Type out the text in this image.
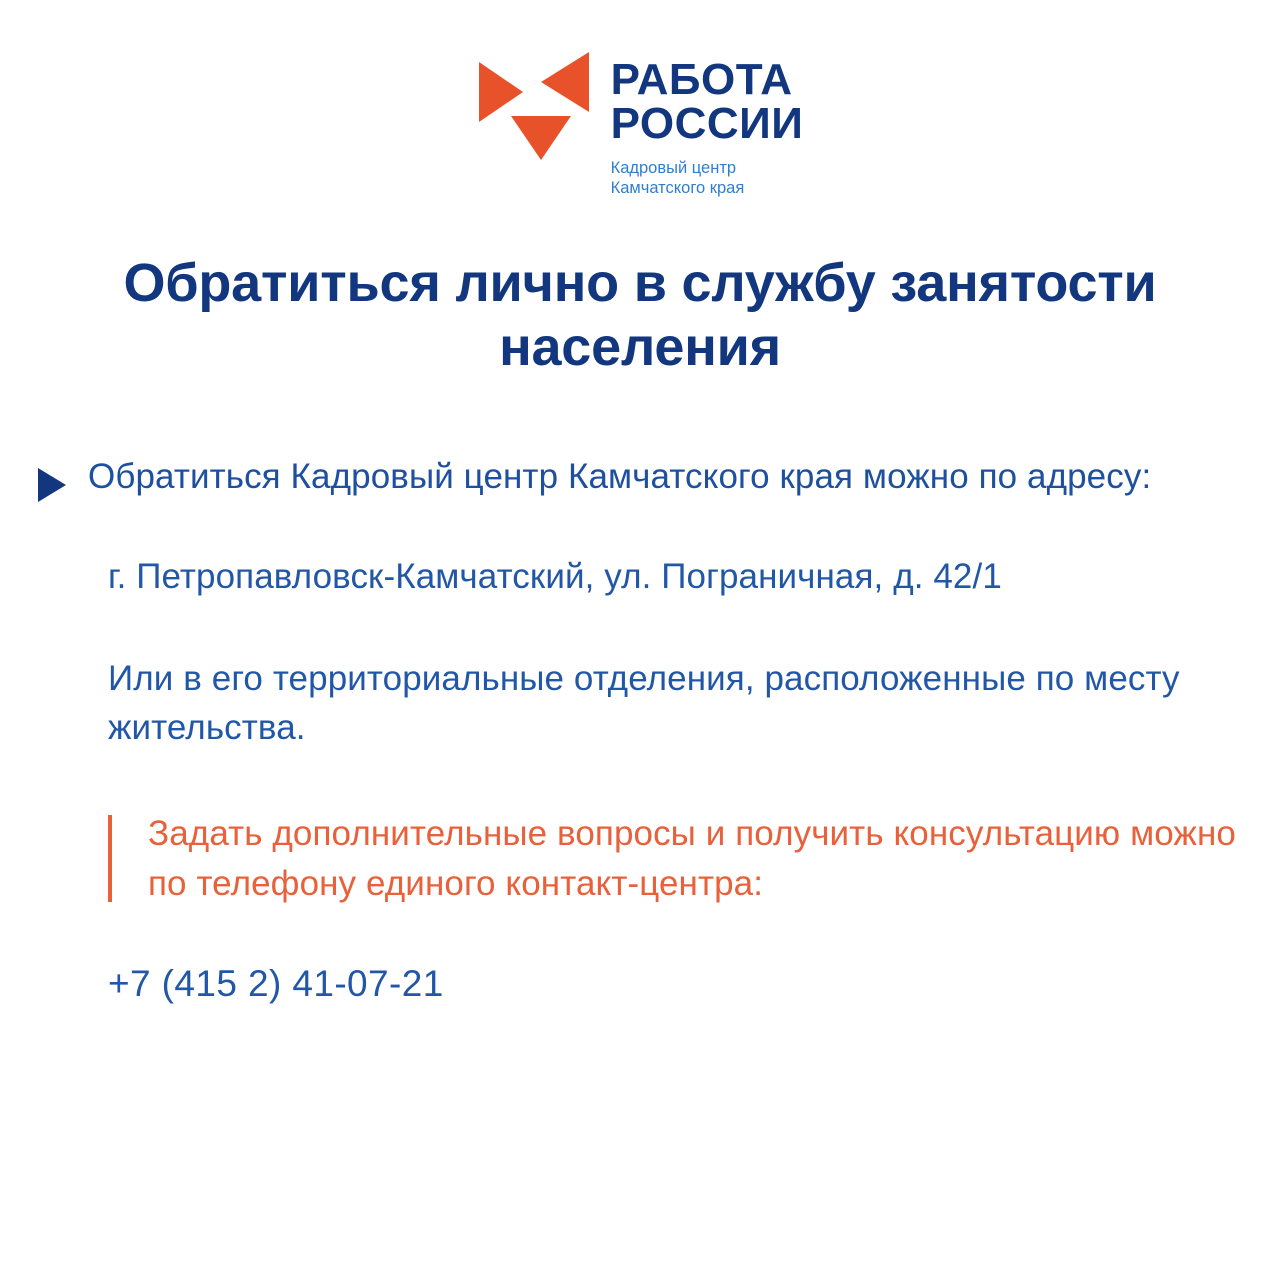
РАБОТА
РОССИИ
Кадровый центр
Камчатского края
Обратиться лично в службу занятости населения
Обратиться Кадровый центр Камчатского края можно по адресу:
г. Петропавловск-Камчатский, ул. Пограничная, д. 42/1
Или в его территориальные отделения, расположенные по месту жительства.
Задать дополнительные вопросы и получить консультацию можно по телефону единого контакт-центра:
+7 (415 2) 41-07-21
